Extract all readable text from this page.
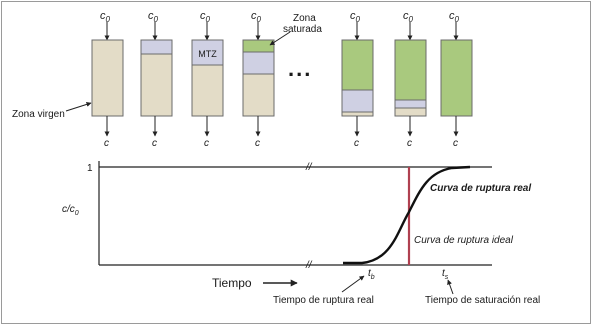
$c_0$
c
$c_0$
c
$c_0$
MTZ
c
$c_0$
c
Zona saturada
...
$c_0$
c
$c_0$
c
$c_0$
c
Zona virgen
//
//
1
$c/c_0$
Curva de ruptura real
Curva de ruptura ideal
Tiempo
$t_b$	$t_s$
Tiempo de ruptura real	Tiempo de saturación real
